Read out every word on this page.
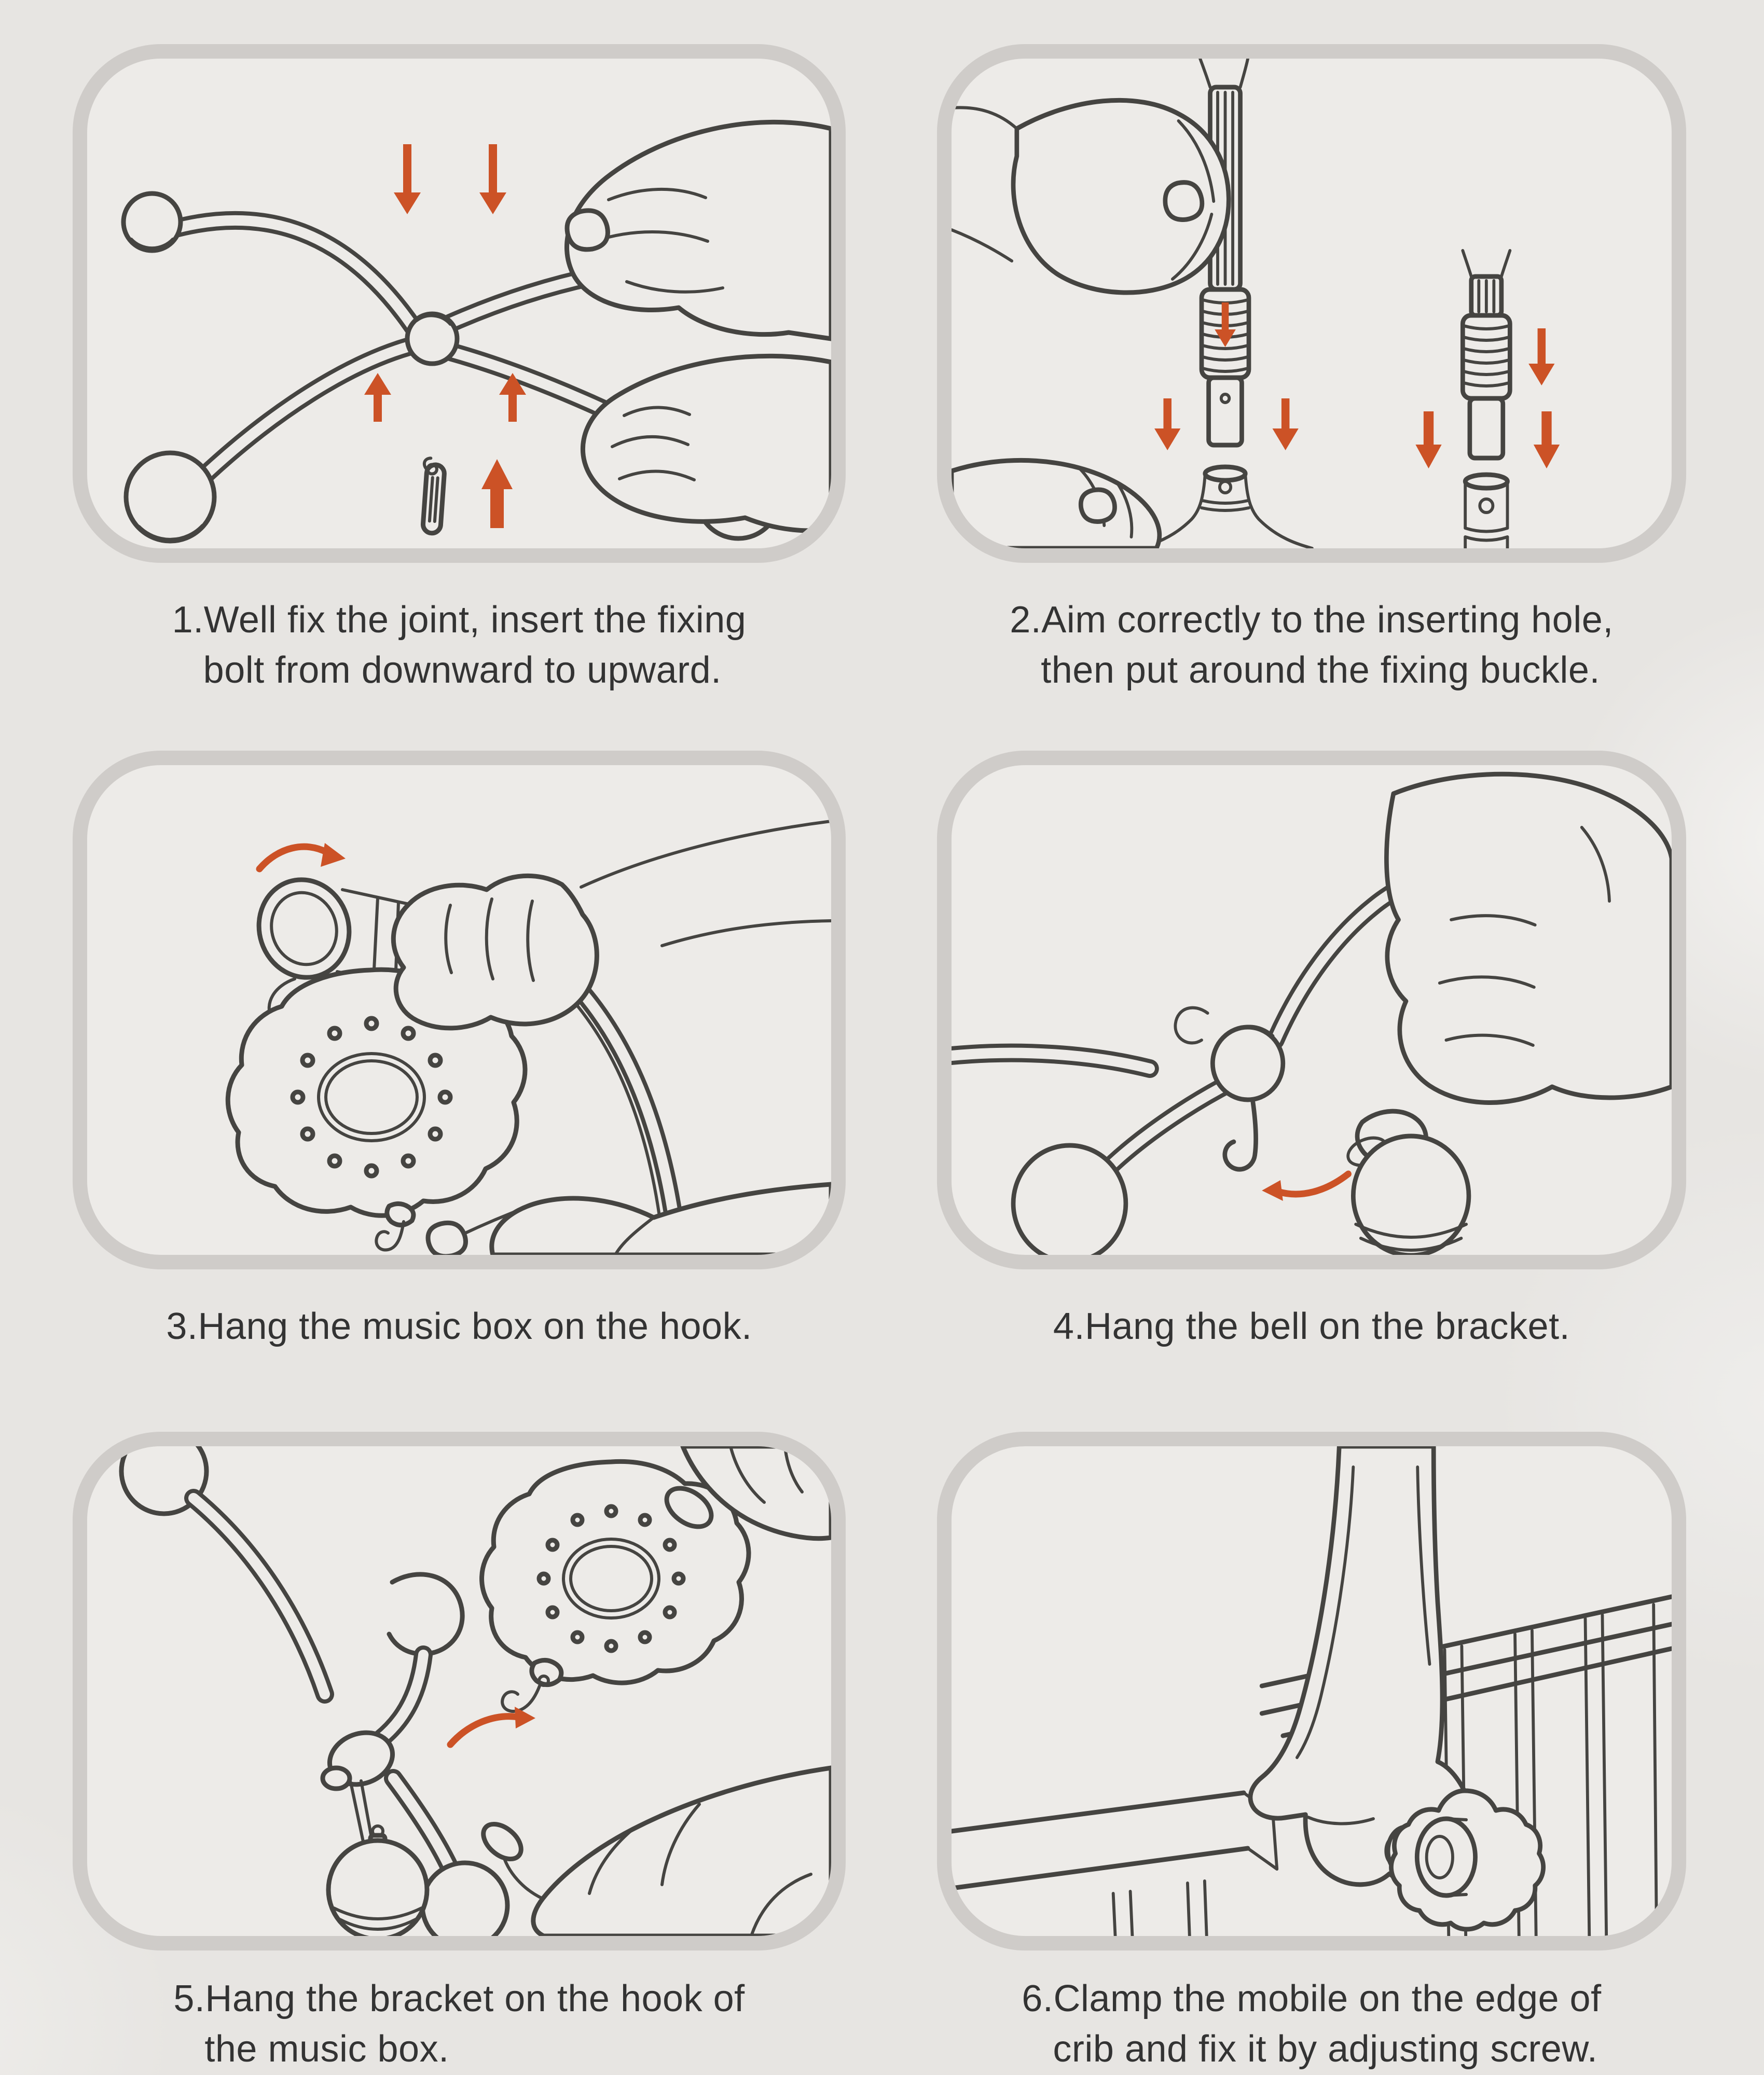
1.Well fix the joint, insert the fixing
bolt from downward to upward.
2.Aim correctly to the inserting hole,
then put around the fixing buckle.
3.Hang the music box on the hook.	4.Hang the bell on the bracket.
5.Hang the bracket on the hook of
the music box.
6.Clamp the mobile on the edge of
crib and fix it by adjusting screw.
